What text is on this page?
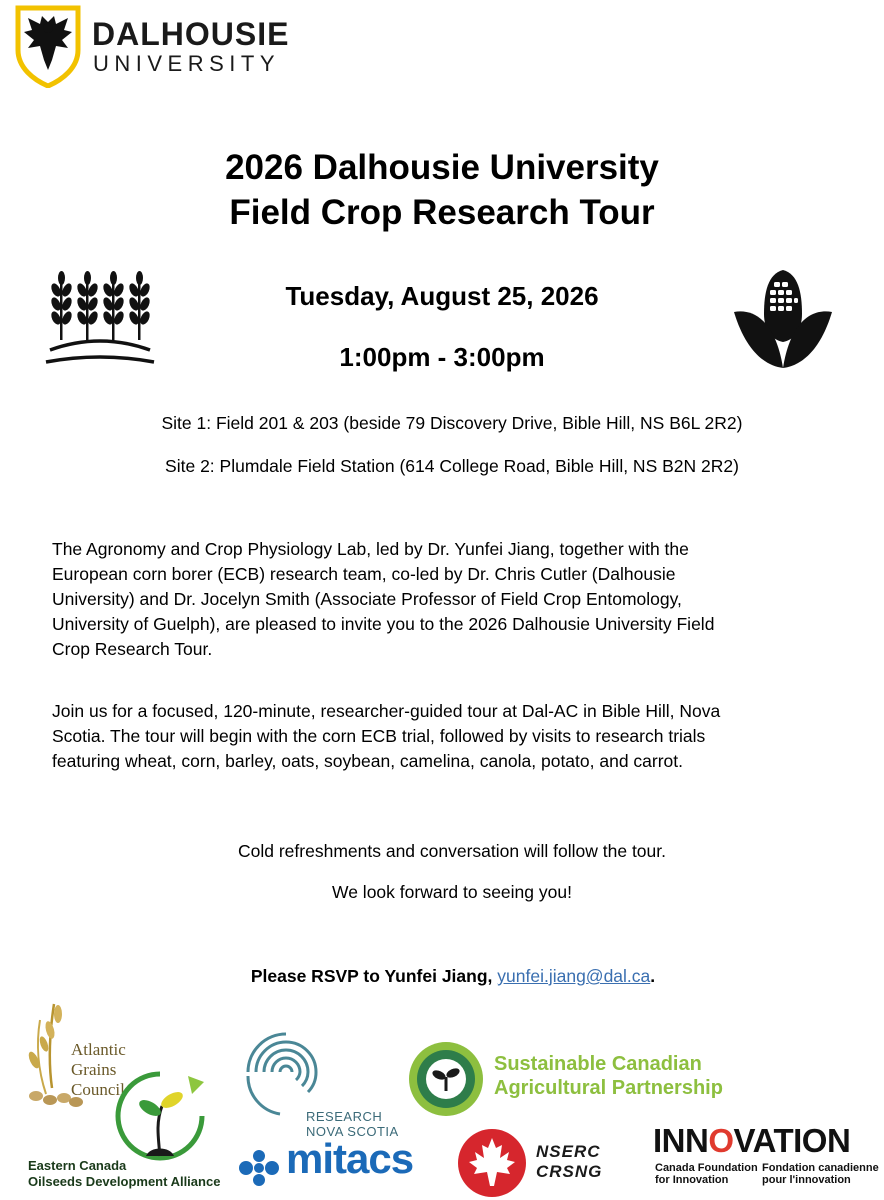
DALHOUSIE
UNIVERSITY
2026 Dalhousie University
Field Crop Research Tour
Tuesday, August 25, 2026
1:00pm - 3:00pm
Site 1: Field 201 & 203 (beside 79 Discovery Drive, Bible Hill, NS B6L 2R2)
Site 2: Plumdale Field Station (614 College Road, Bible Hill, NS B2N 2R2)
The Agronomy and Crop Physiology Lab, led by Dr. Yunfei Jiang, together with the
European corn borer (ECB) research team, co-led by Dr. Chris Cutler (Dalhousie
University) and Dr. Jocelyn Smith (Associate Professor of Field Crop Entomology,
University of Guelph), are pleased to invite you to the 2026 Dalhousie University Field
Crop Research Tour.
Join us for a focused, 120-minute, researcher-guided tour at Dal-AC in Bible Hill, Nova
Scotia. The tour will begin with the corn ECB trial, followed by visits to research trials
featuring wheat, corn, barley, oats, soybean, camelina, canola, potato, and carrot.
Cold refreshments and conversation will follow the tour.
We look forward to seeing you!
Please RSVP to Yunfei Jiang, yunfei.jiang@dal.ca.
Atlantic
Grains
Council
Eastern Canada
Oilseeds Development Alliance
RESEARCH
NOVA SCOTIA
Sustainable Canadian
Agricultural Partnership
mitacs	NSERC
CRSNG
INNOVATION
Canada Foundation
for Innovation
Fondation canadienne
pour l'innovation
